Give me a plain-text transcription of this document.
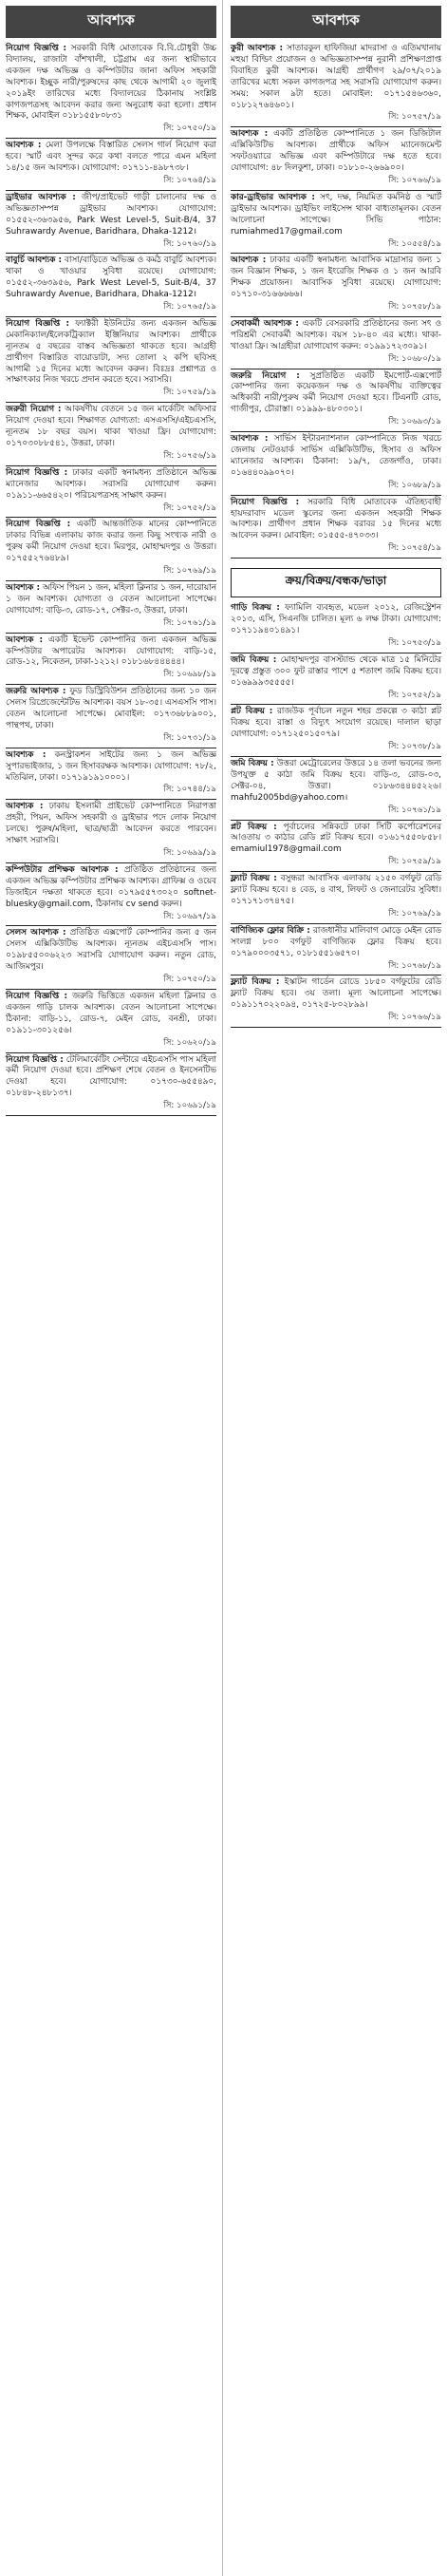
আবশ্যক
নিয়োগ বিজ্ঞপ্তি : সরকারী বিধি মোতাবেক বি.বি.চৌধুরী উচ্চ বিদ্যালয়, রাজাটা বাঁশখালী, চট্টগ্রাম এর জন্য স্থায়ীভাবে একজন দক্ষ অভিজ্ঞ ও কম্পিউটার জানা অফিস সহকারী আবশ্যক। ইচ্ছুক নারী/পুরুষদের কাছ থেকে আগামী ২০ জুলাই ২০১৯ইং তারিখের মধ্যে বিদ্যালয়ের ঠিকানায় সংশ্লিষ্ট কাগজপত্রসহ আবেদন করার জন্য অনুরোধ করা হলো। প্রধান শিক্ষক, মোবাইল ০১৮১৫৫৮০৮৩১
সি: ১০৭৫০/১৯
আবশ্যক : মেলা উপলক্ষে বিস্তারিত সেলস গার্ল নিয়োগ করা হবে। স্মার্ট এবং সুন্দর করে কথা বলতে পারে এমন মহিলা ১৪/১৫ জন আবশ্যক। যোগাযোগ: ০১৭১১-৪৯৮৭৩৮।
সি: ১০৭৬৪/১৯
ড্রাইভার আবশ্যক : জীপ/প্রাইভেট গাড়ী চালানোর দক্ষ ও অভিজ্ঞতাসম্পন্ন ড্রাইভার আবশ্যক। যোগাযোগ: ০১৫৫২-৩৬৩৯৫৬, Park West Level-5, Suit-B/4, 37 Suhrawardy Avenue, Baridhara, Dhaka-1212।
সি: ১০৭৬০/১৯
বাবুর্চি আবশ্যক : বাসা/বাড়িতে অভিজ্ঞ ও কর্মঠ বাবুর্চি আবশ্যক। থাকা ও খাওয়ার সুবিধা রয়েছে। যোগাযোগ: ০১৫৫২-৩৬৩৯৫৬, Park West Level-5, Suit-B/4, 37 Suhrawardy Avenue, Baridhara, Dhaka-1212।
সি: ১০৭৬৫/১৯
নিয়োগ বিজ্ঞপ্তি : ফ্যাক্টরী ইউনিটের জন্য একজন অভিজ্ঞ মেকানিক্যাল/ইলেকট্রিক্যাল ইঞ্জিনিয়ার আবশ্যক। প্রার্থীকে ন্যূনতম ৫ বছরের বাস্তব অভিজ্ঞতা থাকতে হবে। আগ্রহী প্রার্থীগণ বিস্তারিত বায়োডাটা, সদ্য তোলা ২ কপি ছবিসহ আগামী ১৫ দিনের মধ্যে আবেদন করুন। বিঃদ্রঃ প্রশ্নাপত্র ও সাক্ষাৎকার নিজ খরচে প্রদান করতে হবে। সরাসরি।
সি: ১০৭৫৯/১৯
জরুরী নিয়োগ : আকর্ষণীয় বেতনে ১৫ জন মার্কেটিং অফিসার নিয়োগ দেওয়া হবে। শিক্ষাগত যোগ্যতা: এসএসসি/এইচএসসি, ন্যূনতম ১৮ বছর বয়স। থাকা খাওয়া ফ্রি। যোগাযোগ: ০১৭০৩০৮৮৫৪১, উত্তরা, ঢাকা।
সি: ১০৭৫৬/১৯
নিয়োগ বিজ্ঞপ্তি : ঢাকার একটি স্বনামধন্য প্রতিষ্ঠানে অভিজ্ঞ ম্যানেজার আবশ্যক। সরাসরি যোগাযোগ করুন। ০১৯১১-৬৬৫৪২০। পরিচয়পত্রসহ সাক্ষাৎ করুন।
সি: ১০৭৫২/১৯
নিয়োগ বিজ্ঞপ্তি : একটি আন্তর্জাতিক মানের কোম্পানিতে ঢাকার বিভিন্ন এলাকায় কাজ করার জন্য কিছু সংখ্যক নারী ও পুরুষ কর্মী নিয়োগ দেওয়া হবে। মিরপুর, মোহাম্মদপুর ও উত্তরা। ০১৭৫৫২৭৬৪৮৯।
সি: ১০৭৬৯/১৯
আবশ্যক : অফিস পিয়ন ১ জন, মহিলা ক্লিনার ১ জন, দারোয়ান ১ জন আবশ্যক। যোগ্যতা ও বেতন আলোচনা সাপেক্ষে। যোগাযোগ: বাড়ি-৩, রোড-১৭, সেক্টর-৩, উত্তরা, ঢাকা।
সি: ১০৭৬১/১৯
আবশ্যক : একটি ইভেন্ট কোম্পানির জন্য একজন অভিজ্ঞ কম্পিউটার অপারেটর আবশ্যক। যোগাযোগ: বাড়ি-১৫, রোড-১২, নিকেতন, ঢাকা-১২১২। ০১৮১৬৮৪৪৪৪৪।
সি: ১০৬৯৮/১৯
জরুরি আবশ্যক : ফুড ডিস্ট্রিবিউশন প্রতিষ্ঠানের জন্য ১০ জন সেলস রিপ্রেজেন্টেটিভ আবশ্যক। বয়স ১৮-৩৫। এসএসসি পাস। বেতন আলোচনা সাপেক্ষে। মোবাইল: ০১৭৩৬৮৮৯০০১, পান্থপথ, ঢাকা।
সি: ১০৭৩১/১৯
আবশ্যক : কনস্ট্রাকশন সাইটের জন্য ১ জন অভিজ্ঞ সুপারভাইজার, ১ জন হিসাবরক্ষক আবশ্যক। যোগাযোগ: ৭৮/২, মতিঝিল, ঢাকা। ০১৭১৯১৯১০০০১।
সি: ১০৭৪৪/১৯
আবশ্যক : ঢাকায় ইসলামী প্রাইভেট কোম্পানিতে নিরাপত্তা প্রহরী, পিয়ন, অফিস সহকারী ও ড্রাইভার পদে লোক নিয়োগ চলছে। পুরুষ/মহিলা, ছাত্র/ছাত্রী আবেদন করতে পারবেন। সাক্ষাৎ সরাসরি।
সি: ১০৬৯৯/১৯
কম্পিউটার প্রশিক্ষক আবশ্যক : প্রতিষ্ঠিত প্রতিষ্ঠানের জন্য একজন অভিজ্ঞ কম্পিউটার প্রশিক্ষক আবশ্যক। গ্রাফিক্স ও ওয়েব ডিজাইনে দক্ষতা থাকতে হবে। ০১৭৯৫৫৭৩০২০ softnet-bluesky@gmail.com, ঠিকানায় cv send করুন।
সি: ১০৬৯৭/১৯
সেলস আবশ্যক : প্রতিষ্ঠিত এক্সপোর্ট কোম্পানির জন্য ৫ জন সেলস এক্সিকিউটিভ আবশ্যক। ন্যূনতম এইচএসসি পাস। ০১৯৮৫৫০০৬২২৩ সরাসরি যোগাযোগ করুন। নতুন রোড, আজিমপুর।
সি: ১০৭৫০/১৯
নিয়োগ বিজ্ঞপ্তি : জরুরি ভিত্তিতে একজন মহিলা ক্লিনার ও একজন গাড়ি চালক আবশ্যক। বেতন আলোচনা সাপেক্ষে। ঠিকানা: বাড়ি-১১, রোড-৭, মেইন রোড, বনশ্রী, ঢাকা। ০১৯১১-৩০১২৫৬।
সি: ১০৬২০/১৯
নিয়োগ বিজ্ঞপ্তি : টেলিমার্কেটিং সেন্টারে এইচএসসি পাস মহিলা কর্মী নিয়োগ দেওয়া হবে। প্রশিক্ষণ শেষে বেতন ও ইনসেনটিভ দেওয়া হবে। যোগাযোগ: ০১৭৩০-৬৫৫৪৯০, ০১৮৪৮-২৪৮১৩৭।
সি: ১০৬৯১/১৯
আবশ্যক
কুরী আবশ্যক : সাতারকুল হাফিজিয়া মাদরাসা ও এতিমখানায় মহুয়া বিল্ডিং প্রয়োজন ও অভিজ্ঞতাসম্পন্ন নুরানী প্রশিক্ষণপ্রাপ্ত বিবাহিত কুরী আবশ্যক। আগ্রহী প্রার্থীগণ ২৯/০৭/২০১৯ তারিখের মধ্যে সকল কাগজপত্র সহ সরাসরি যোগাযোগ করুন। সময়: সকাল ৯টা হতে। মোবাইল: ০১৭১৫৪৬৩৬০, ০১৮১২৭৬৪৬০১।
সি: ১০৭৫৭/১৯
আবশ্যক : একটি প্রতিষ্ঠিত কোম্পানিতে ১ জন ডিজিটাল এক্সিকিউটিভ আবশ্যক। প্রার্থীকে অফিস ম্যানেজমেন্ট সফটওয়্যারে অভিজ্ঞ এবং কম্পিউটারে দক্ষ হতে হবে। যোগাযোগ: ৪৮ দিলকুশা, ঢাকা। ০১৮১০-২৬৬৯০০।
সি: ১০৭৬৬/১৯
কার-ড্রাইভার আবশ্যক : সৎ, দক্ষ, নিয়মিত কর্মনিষ্ঠ ও স্মার্ট ড্রাইভার আবশ্যক। ড্রাইভিং লাইসেন্স থাকা বাধ্যতামূলক। বেতন আলোচনা সাপেক্ষে। সিভি পাঠান: rumiahmed17@gmail.com
সি: ১০৫৫৪/১৯
আবশ্যক : ঢাকার একটি স্বনামধন্য আবাসিক মাদ্রাসার জন্য ১ জন বিজ্ঞান শিক্ষক, ১ জন ইংরেজি শিক্ষক ও ১ জন আরবি শিক্ষক প্রয়োজন। আবাসিক সুবিধা রয়েছে। যোগাযোগ: ০১৭১০-৩১৬৬৬৬৬।
সি: ১০৭৫৮/১৯
সেবাকর্মী আবশ্যক : একটি বেসরকারি প্রতিষ্ঠানের জন্য সৎ ও পরিশ্রমী সেবাকর্মী আবশ্যক। বয়স ১৮-৪০ এর মধ্যে। থাকা-খাওয়া ফ্রি। আগ্রহীরা যোগাযোগ করুন: ০১৯৯১৭২৩০৯১।
সি: ১০৬৮০/১৯
জরুরি নিয়োগ : সুপ্রতিষ্ঠিত একটি ইমপোর্ট-এক্সপোর্ট কোম্পানির জন্য কয়েকজন দক্ষ ও আকর্ষণীয় ব্যক্তিত্বের অধিকারী নারী/পুরুষ কর্মী নিয়োগ দেওয়া হবে। টিএনটি রোড, গাজীপুর, চৌরাস্তা। ০১৯৯৯-৪৮০৩০১।
সি: ১০৬৯৩/১৯
আবশ্যক : সার্ভিস ইন্টারন্যাশনাল কোম্পানিতে নিজ খরচে জেলায় নেটওয়ার্ক সার্ভিস এক্সিকিউটিভ, হিসাব ও অফিস ম্যানেজার আবশ্যক। ঠিকানা: ১৯/৭, তেজগাঁও, ঢাকা। ০১৬৪৪০৯৯০৭০।
সি: ১০৬৮৯/১৯
নিয়োগ বিজ্ঞপ্তি : সরকারি বিধি মোতাবেক ঐতিহ্যবাহী হায়দরাবাদ মডেল স্কুলের জন্য একজন সহকারী শিক্ষক আবশ্যক। প্রার্থীগণ প্রধান শিক্ষক বরাবর ১৫ দিনের মধ্যে আবেদন করুন। মোবাইল: ০১৫৫৫-৪৭০৩৩।
সি: ১০৭৫৪/১৯
ক্রয়/বিক্রয়/বন্ধক/ভাড়া
গাড়ি বিক্রয় : ফ্যামিলি ব্যবহৃত, মডেল ২০১২, রেজিস্ট্রেশন ২০১৩, এসি, সিএনজি চালিত। মূল্য ৬ লক্ষ টাকা। যোগাযোগ: ০১৭১১৯৪০১৪৯১।
সি: ১০৭৫৩/১৯
জমি বিক্রয় : মোহাম্মদপুর বাসস্ট্যান্ড থেকে মাত্র ১৫ মিনিটের দূরত্বে প্রস্তুত ৩০০ ফুট রাস্তার পাশে ৫ শতাংশ জমি বিক্রয় হবে। ০১৬৯৯৯৩৫৫৫৫।
সি: ১০৭৫২/১৯
প্লট বিক্রয় : রাজউক পূর্বাচল নতুন শহর প্রকল্পে ৩ কাঠা প্লট বিক্রয় হবে। রাস্তা ও বিদ্যুৎ সংযোগ রয়েছে। দালাল ছাড়া যোগাযোগ: ০১৭১২৫০১৫০৭৯।
সি: ১০৭৩৮/১৯
জমি বিক্রয় : উত্তরা মেট্রোরেলের উত্তরে ১৪ তলা ভবনের জন্য উপযুক্ত ৫ কাঠা জমি বিক্রয় হবে। বাড়ি-৩, রোড-০৩, সেক্টর-০৪, উত্তরা। ০১৮৬৩৪৪৪৫২২৬। mahfu2005bd@yahoo.com।
সি: ১০৭৬১/১৯
প্লট বিক্রয় : পূর্বাচলের সন্নিকটে ঢাকা সিটি কর্পোরেশনের আওতায় ৩ কাঠার রেডি প্লট বিক্রয় হবে। ০১৬১৭৫৫০৮৫৮। emamiul1978@gmail.com
সি: ১০৭৫৯/১৯
ফ্ল্যাট বিক্রয় : বসুন্ধরা আবাসিক এলাকায় ২১৫০ বর্গফুট রেডি ফ্ল্যাট বিক্রয় হবে। ৪ বেড, ৪ বাথ, লিফট ও জেনারেটর সুবিধা। ০১৭১৭১৩৭৪৭৫।
সি: ১০৭৬৯/১৯
বাণিজ্যিক ফ্লোর বিক্রি : রাজধানীর মালিবাগ মোড়ে মেইন রোড সংলগ্ন ৮০০ বর্গফুট বাণিজ্যিক ফ্লোর বিক্রয় হবে। ০১৭৯০০০৩৫৭১, ০১৮১৫৫১৬৫৭০।
সি: ১০৭৬৮/১৯
ফ্ল্যাট বিক্রয় : ইস্কাটন গার্ডেন রোডে ১৮৫০ বর্গফুটের রেডি ফ্ল্যাট বিক্রয় হবে। ৩য় তলা। মূল্য আলোচনা সাপেক্ষে। ০১৯১১৭০২২০৯৪, ০১৭২৫-৮০২৮৯৯।
সি: ১০৭৬৬/১৯
